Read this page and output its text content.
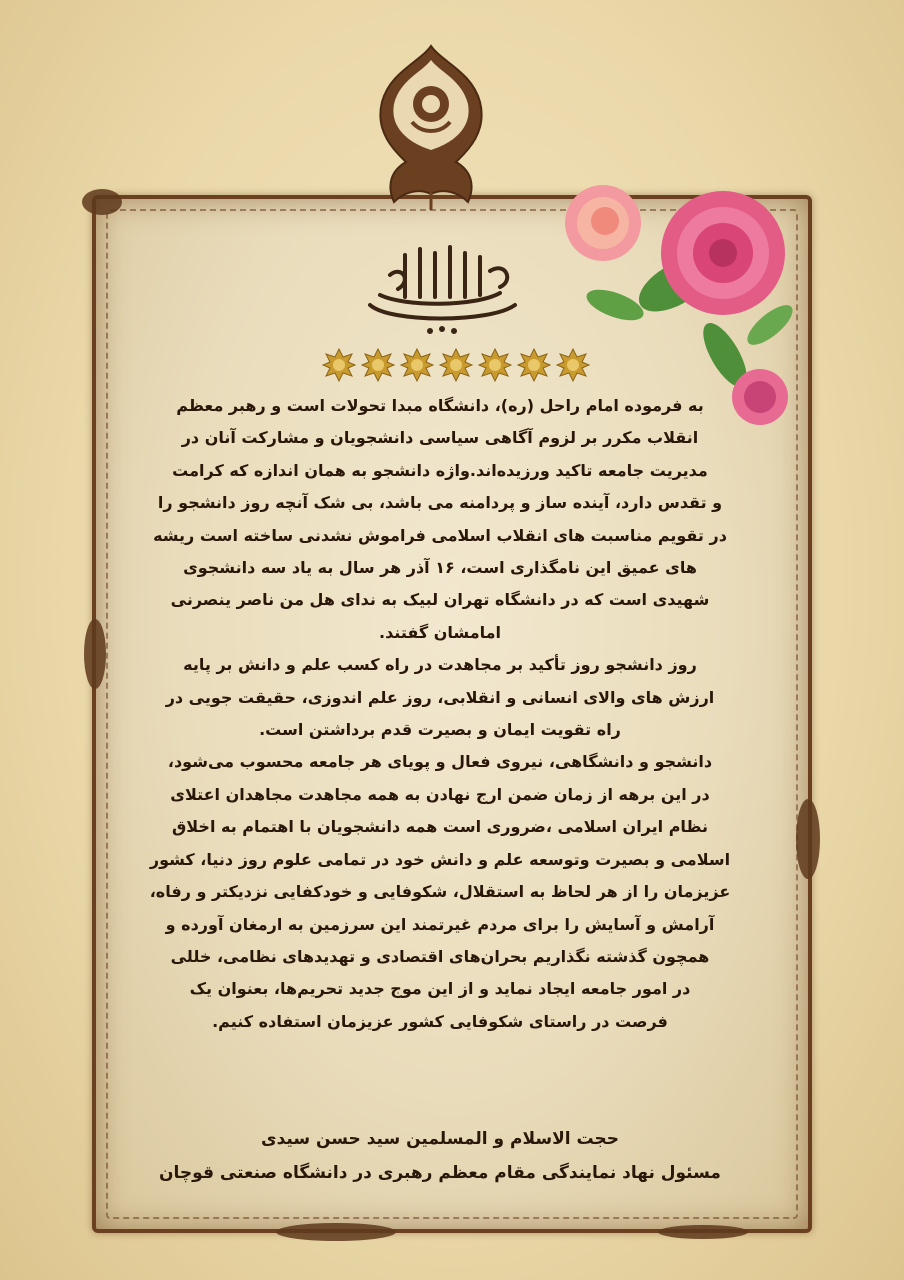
به فرموده امام راحل (ره)، دانشگاه مبدا تحولات است و رهبر معظم

انقلاب مکرر بر لزوم آگاهی سیاسی دانشجویان و مشارکت آنان در

مدیریت جامعه تاکید ورزیده‌اند.واژه دانشجو به همان اندازه که کرامت

و تقدس دارد، آینده ساز و پردامنه می باشد، بی شک آنچه روز دانشجو را

در تقویم مناسبت های انقلاب اسلامی فراموش نشدنی ساخته است ریشه

های عمیق این نامگذاری است، ۱۶ آذر هر سال به یاد سه دانشجوی

شهیدی است که در دانشگاه تهران لبیک به ندای هل من ناصر ینصرنی

امامشان گفتند.

روز دانشجو روز تأکید بر مجاهدت در راه کسب علم و دانش بر پایه

ارزش های والای انسانی و انقلابی، روز علم اندوزی، حقیقت جویی در

راه تقویت ایمان و بصیرت قدم برداشتن است.

دانشجو و دانشگاهی، نیروی فعال و پویای هر جامعه محسوب می‌شود،

در این برهه از زمان ضمن ارج نهادن به همه مجاهدت مجاهدان اعتلای

نظام ایران اسلامی ،ضروری است همه دانشجویان با اهتمام به اخلاق

اسلامی و بصیرت وتوسعه علم و دانش خود در تمامی علوم روز دنیا، کشور

عزیزمان را از هر لحاظ به استقلال، شکوفایی و خودکفایی نزدیکتر و رفاه،

آرامش و آسایش را برای مردم غیرتمند این سرزمین به ارمغان آورده و

همچون گذشته نگذاریم بحران‌های اقتصادی و تهدیدهای نظامی، خللی

در امور جامعه ایجاد نماید و از این موج جدید تحریم‌ها، بعنوان یک

فرصت در راستای شکوفایی کشور عزیزمان استفاده کنیم.

حجت الاسلام و المسلمین سید حسن سیدی

مسئول نهاد نمایندگی مقام معظم رهبری در دانشگاه صنعتی قوچان
